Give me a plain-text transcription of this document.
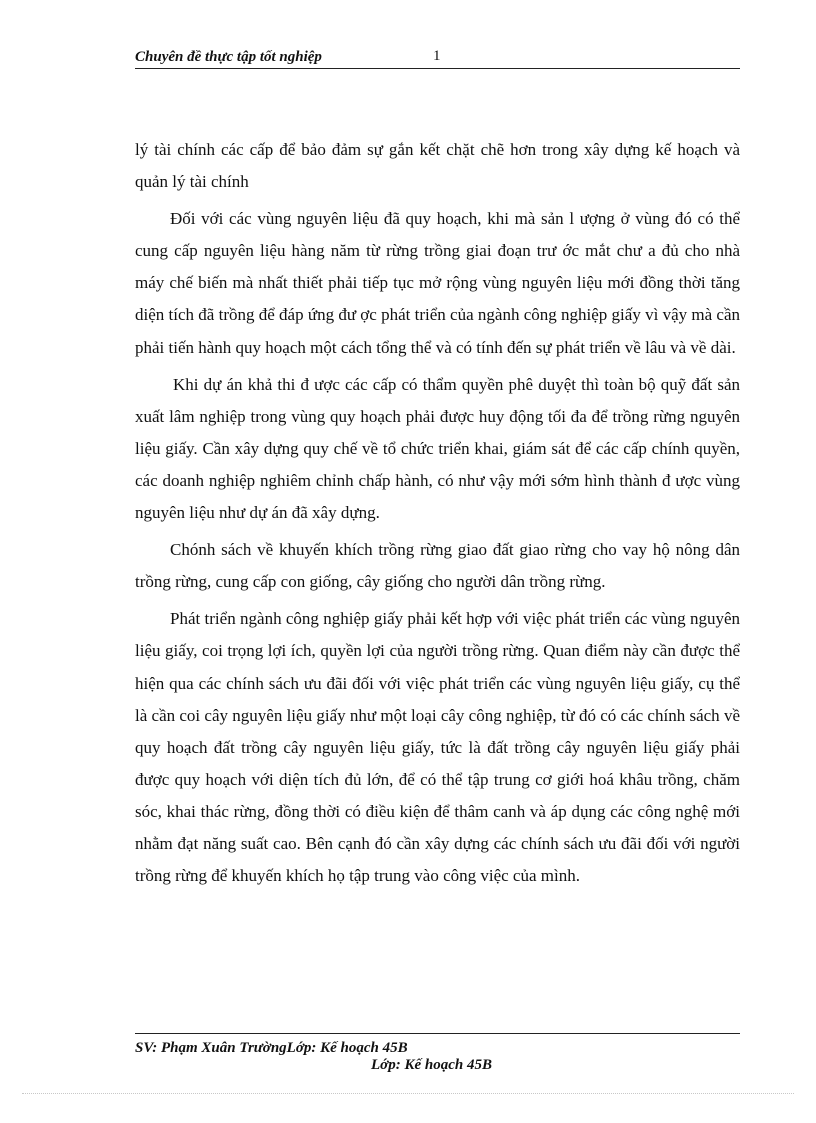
Chuyên đề thực tập tốt nghiệp	1

lý tài chính các cấp để bảo đảm sự gắn kết chặt chẽ hơn trong xây dựng kế hoạch và quản lý tài chính

Đối với các vùng nguyên liệu đã quy hoạch, khi mà sản l ượng ở vùng đó có thể cung cấp nguyên liệu hàng năm từ rừng trồng giai đoạn trư ớc mắt chư a đủ cho nhà máy chế biến mà nhất thiết phải tiếp tục mở rộng vùng nguyên liệu mới đồng thời tăng diện tích đã trồng để đáp ứng đư ợc phát triển của ngành công nghiệp giấy vì vậy mà cần phải tiến hành quy hoạch một cách tổng thể và có tính đến sự phát triển về lâu và về dài.

Khi dự án khả thi đ ược các cấp có thẩm quyền phê duyệt thì toàn bộ quỹ đất sản xuất lâm nghiệp trong vùng quy hoạch phải được huy động tối đa để trồng rừng nguyên liệu giấy. Cần xây dựng quy chế về tổ chức triển khai, giám sát để các cấp chính quyền, các doanh nghiệp nghiêm chỉnh chấp hành, có như vậy mới sớm hình thành đ ược vùng nguyên liệu như dự án đã xây dựng.

Chónh sách về khuyến khích trồng rừng giao đất giao rừng cho vay hộ nông dân trồng rừng, cung cấp con giống, cây giống cho người dân trồng rừng.

Phát triển ngành công nghiệp giấy phải kết hợp với việc phát triển các vùng nguyên liệu giấy, coi trọng lợi ích, quyền lợi của người trồng rừng. Quan điểm này cần được thể hiện qua các chính sách ưu đãi đối với việc phát triển các vùng nguyên liệu giấy, cụ thể là cần coi cây nguyên liệu giấy như một loại cây công nghiệp, từ đó có các chính sách về quy hoạch đất trồng cây nguyên liệu giấy, tức là đất trồng cây nguyên liệu giấy phải được quy hoạch với diện tích đủ lớn, để có thể tập trung cơ giới hoá khâu trồng, chăm sóc, khai thác rừng, đồng thời có điều kiện để thâm canh và áp dụng các công nghệ mới nhằm đạt năng suất cao. Bên cạnh đó cần xây dựng các chính sách ưu đãi đối với người trồng rừng để khuyến khích họ tập trung vào công việc của mình.

SV: Phạm Xuân TrườngLớp: Kế hoạch 45B
Lớp: Kế hoạch 45B
